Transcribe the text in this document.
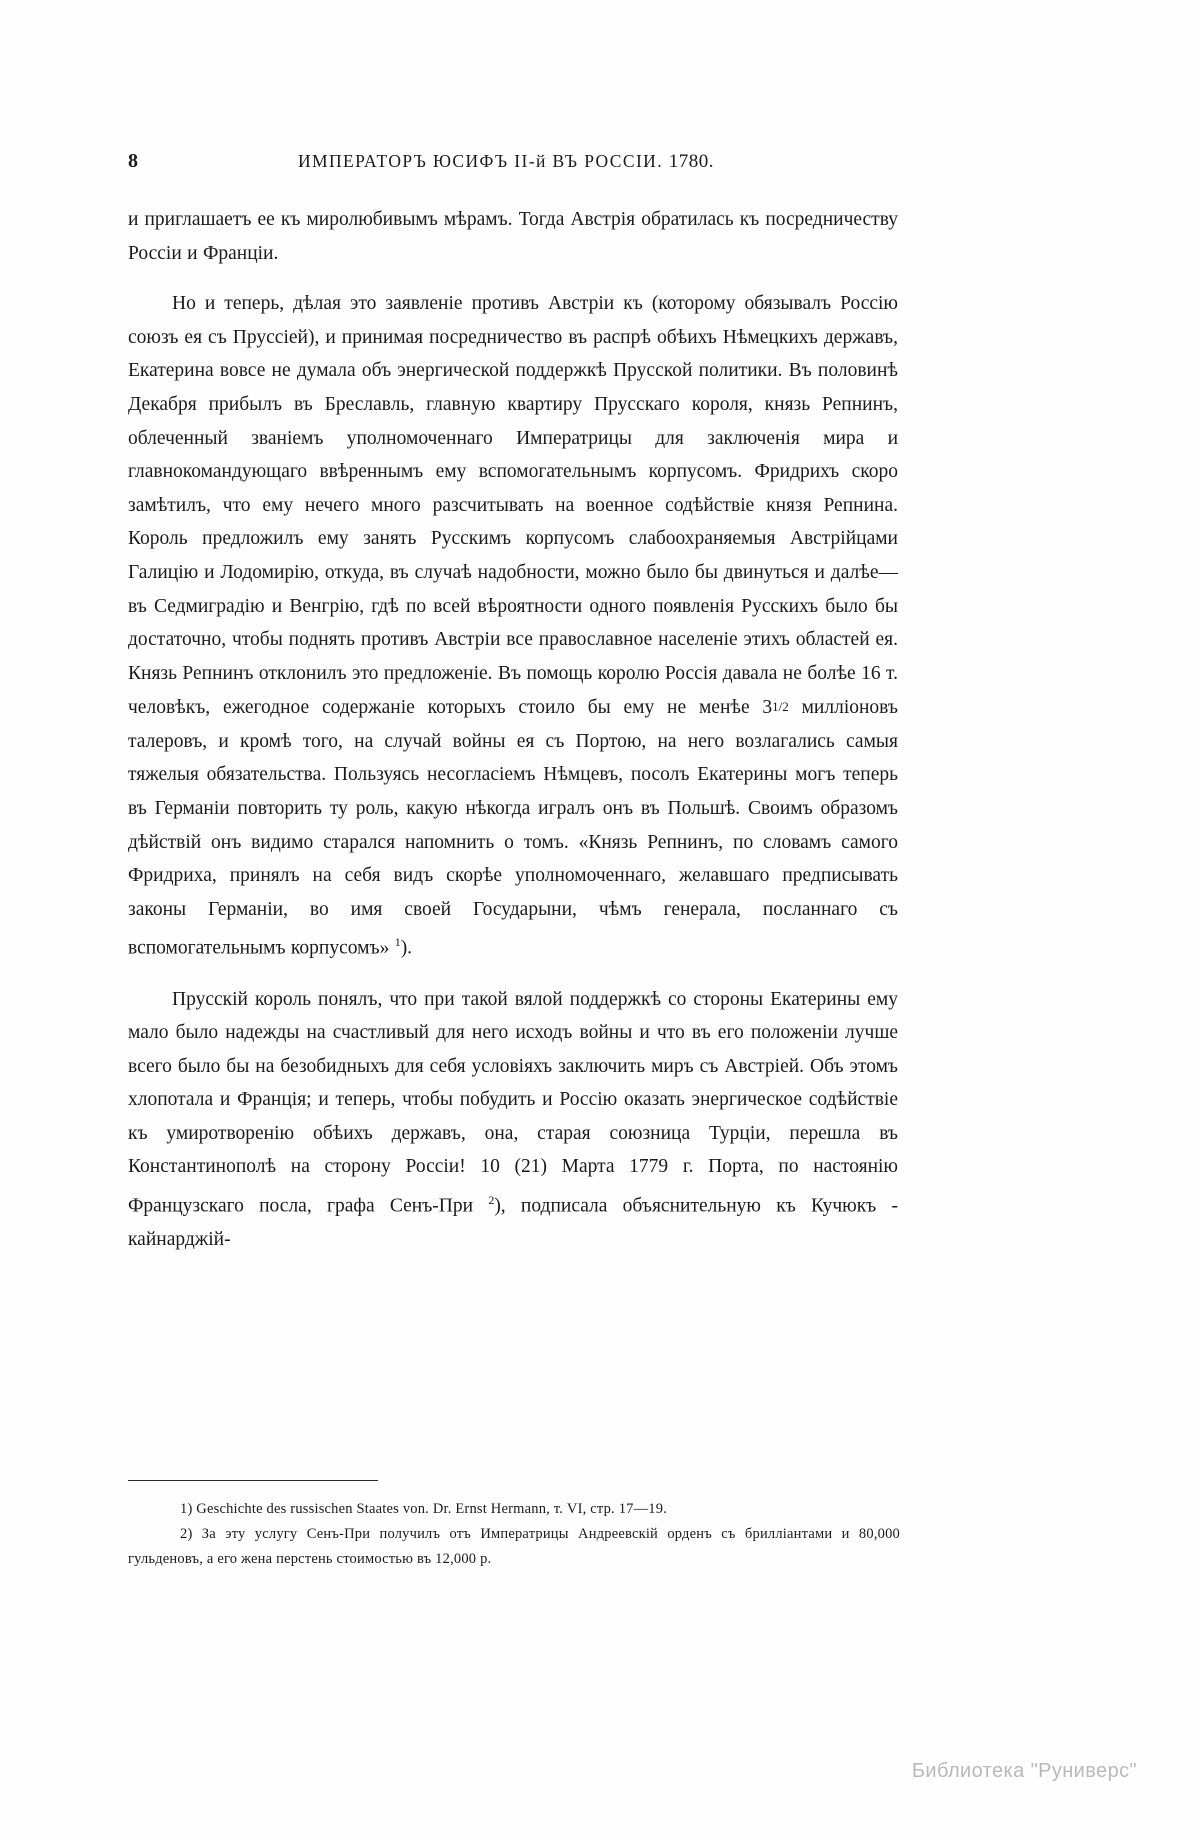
8	ИМПЕРАТОРЪ ЮСИФЪ II-й ВЪ РОССІИ. 1780.

и приглашаетъ ее къ миролюбивымъ мѣрамъ. Тогда Австрія обратилась къ посредничеству Россіи и Франціи.

Но и теперь, дѣлая это заявленіе противъ Австріи къ (которому обязывалъ Россію союзъ ея съ Пруссіей), и принимая посредничество въ распрѣ обѣихъ Нѣмецкихъ державъ, Екатерина вовсе не думала объ энергической поддержкѣ Прусской политики. Въ половинѣ Декабря прибылъ въ Бреславль, главную квартиру Прусскаго короля, князь Репнинъ, облеченный званіемъ уполномоченнаго Императрицы для заключенія мира и главнокомандующаго ввѣреннымъ ему вспомогательнымъ корпусомъ. Фридрихъ скоро замѣтилъ, что ему нечего много разсчитывать на военное содѣйствіе князя Репнина. Король предложилъ ему занять Русскимъ корпусомъ слабоохраняемыя Австрійцами Галицію и Лодомирію, откуда, въ случаѣ надобности, можно было бы двинуться и далѣе—въ Седмиградію и Венгрію, гдѣ по всей вѣроятности одного появленія Русскихъ было бы достаточно, чтобы поднять противъ Австріи все православное населеніе этихъ областей ея. Князь Репнинъ отклонилъ это предложеніе. Въ помощь королю Россія давала не болѣе 16 т. человѣкъ, ежегодное содержаніе которыхъ стоило бы ему не менѣе 31/2 милліоновъ талеровъ, и кромѣ того, на случай войны ея съ Портою, на него возлагались самыя тяжелыя обязательства. Пользуясь несогласіемъ Нѣмцевъ, посолъ Екатерины могъ теперь въ Германіи повторить ту роль, какую нѣкогда игралъ онъ въ Польшѣ. Своимъ образомъ дѣйствій онъ видимо старался напомнить о томъ. «Князь Репнинъ, по словамъ самого Фридриха, принялъ на себя видъ скорѣе уполномоченнаго, желавшаго предписывать законы Германіи, во имя своей Государыни, чѣмъ генерала, посланнаго съ вспомогательнымъ корпусомъ» $^1$).

Прусскій король понялъ, что при такой вялой поддержкѣ со стороны Екатерины ему мало было надежды на счастливый для него исходъ войны и что въ его положеніи лучше всего было бы на безобидныхъ для себя условіяхъ заключить миръ съ Австріей. Объ этомъ хлопотала и Франція; и теперь, чтобы побудить и Россію оказать энергическое содѣйствіе къ умиротворенію обѣихъ державъ, она, старая союзница Турціи, перешла въ Константинополѣ на сторону Россіи! 10 (21) Марта 1779 г. Порта, по настоянію Французскаго посла, графа Сенъ-При $^2$), подписала объяснительную къ Кучюкъ - кайнарджій-

1) Geschichte des russischen Staates von. Dr. Ernst Hermann, т. VI, стр. 17—19.

2) За эту услугу Сенъ-При получилъ отъ Императрицы Андреевскій орденъ съ бриллiантами и 80,000 гульденовъ, а его жена перстень стоимостью въ 12,000 р.

Библиотека "Руниверс"
